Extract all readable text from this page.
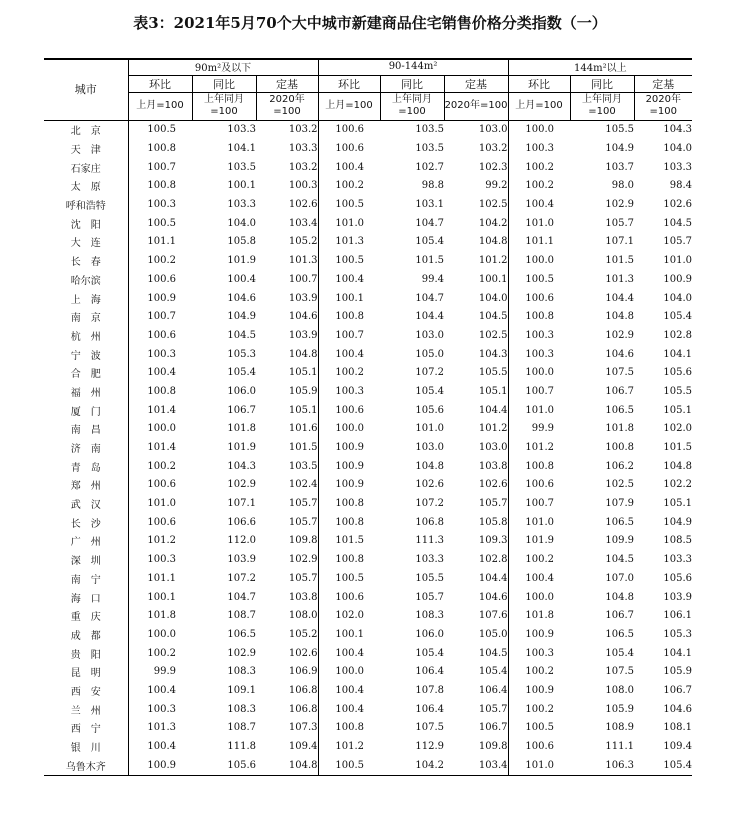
表3：2021年5月70个大中城市新建商品住宅销售价格分类指数（一）
城市	90m²及以下			90-144m²			144m²以上		
	环比	同比	定基	环比	同比	定基	环比	同比	定基
	上月=100	上年同月=100	2020年=100	上月=100	上年同月=100	2020年=100	上月=100	上年同月=100	2020年=100
北　京	100.5	103.3	103.2	100.6	103.5	103.0	100.0	105.5	104.3
天　津	100.8	104.1	103.3	100.6	103.5	103.2	100.3	104.9	104.0
石家庄	100.7	103.5	103.2	100.4	102.7	102.3	100.2	103.7	103.3
太　原	100.8	100.1	100.3	100.2	98.8	99.2	100.2	98.0	98.4
呼和浩特	100.3	103.3	102.6	100.5	103.1	102.5	100.4	102.9	102.6
沈　阳	100.5	104.0	103.4	101.0	104.7	104.2	101.0	105.7	104.5
大　连	101.1	105.8	105.2	101.3	105.4	104.8	101.1	107.1	105.7
长　春	100.2	101.9	101.3	100.5	101.5	101.2	100.0	101.5	101.0
哈尔滨	100.6	100.4	100.7	100.4	99.4	100.1	100.5	101.3	100.9
上　海	100.9	104.6	103.9	100.1	104.7	104.0	100.6	104.4	104.0
南　京	100.7	104.9	104.6	100.8	104.4	104.5	100.8	104.8	105.4
杭　州	100.6	104.5	103.9	100.7	103.0	102.5	100.3	102.9	102.8
宁　波	100.3	105.3	104.8	100.4	105.0	104.3	100.3	104.6	104.1
合　肥	100.4	105.4	105.1	100.2	107.2	105.5	100.0	107.5	105.6
福　州	100.8	106.0	105.9	100.3	105.4	105.1	100.7	106.7	105.5
厦　门	101.4	106.7	105.1	100.6	105.6	104.4	101.0	106.5	105.1
南　昌	100.0	101.8	101.6	100.0	101.0	101.2	99.9	101.8	102.0
济　南	101.4	101.9	101.5	100.9	103.0	103.0	101.2	100.8	101.5
青　岛	100.2	104.3	103.5	100.9	104.8	103.8	100.8	106.2	104.8
郑　州	100.6	102.9	102.4	100.9	102.6	102.6	100.6	102.5	102.2
武　汉	101.0	107.1	105.7	100.8	107.2	105.7	100.7	107.9	105.1
长　沙	100.6	106.6	105.7	100.8	106.8	105.8	101.0	106.5	104.9
广　州	101.2	112.0	109.8	101.5	111.3	109.3	101.9	109.9	108.5
深　圳	100.3	103.9	102.9	100.8	103.3	102.8	100.2	104.5	103.3
南　宁	101.1	107.2	105.7	100.5	105.5	104.4	100.4	107.0	105.6
海　口	100.1	104.7	103.8	100.6	105.7	104.6	100.0	104.8	103.9
重　庆	101.8	108.7	108.0	102.0	108.3	107.6	101.8	106.7	106.1
成　都	100.0	106.5	105.2	100.1	106.0	105.0	100.9	106.5	105.3
贵　阳	100.2	102.9	102.6	100.4	105.4	104.5	100.3	105.4	104.1
昆　明	99.9	108.3	106.9	100.0	106.4	105.4	100.2	107.5	105.9
西　安	100.4	109.1	106.8	100.4	107.8	106.4	100.9	108.0	106.7
兰　州	100.3	108.3	106.8	100.4	106.4	105.7	100.2	105.9	104.6
西　宁	101.3	108.7	107.3	100.8	107.5	106.7	100.5	108.9	108.1
银　川	100.4	111.8	109.4	101.2	112.9	109.8	100.6	111.1	109.4
乌鲁木齐	100.9	105.6	104.8	100.5	104.2	103.4	101.0	106.3	105.4
